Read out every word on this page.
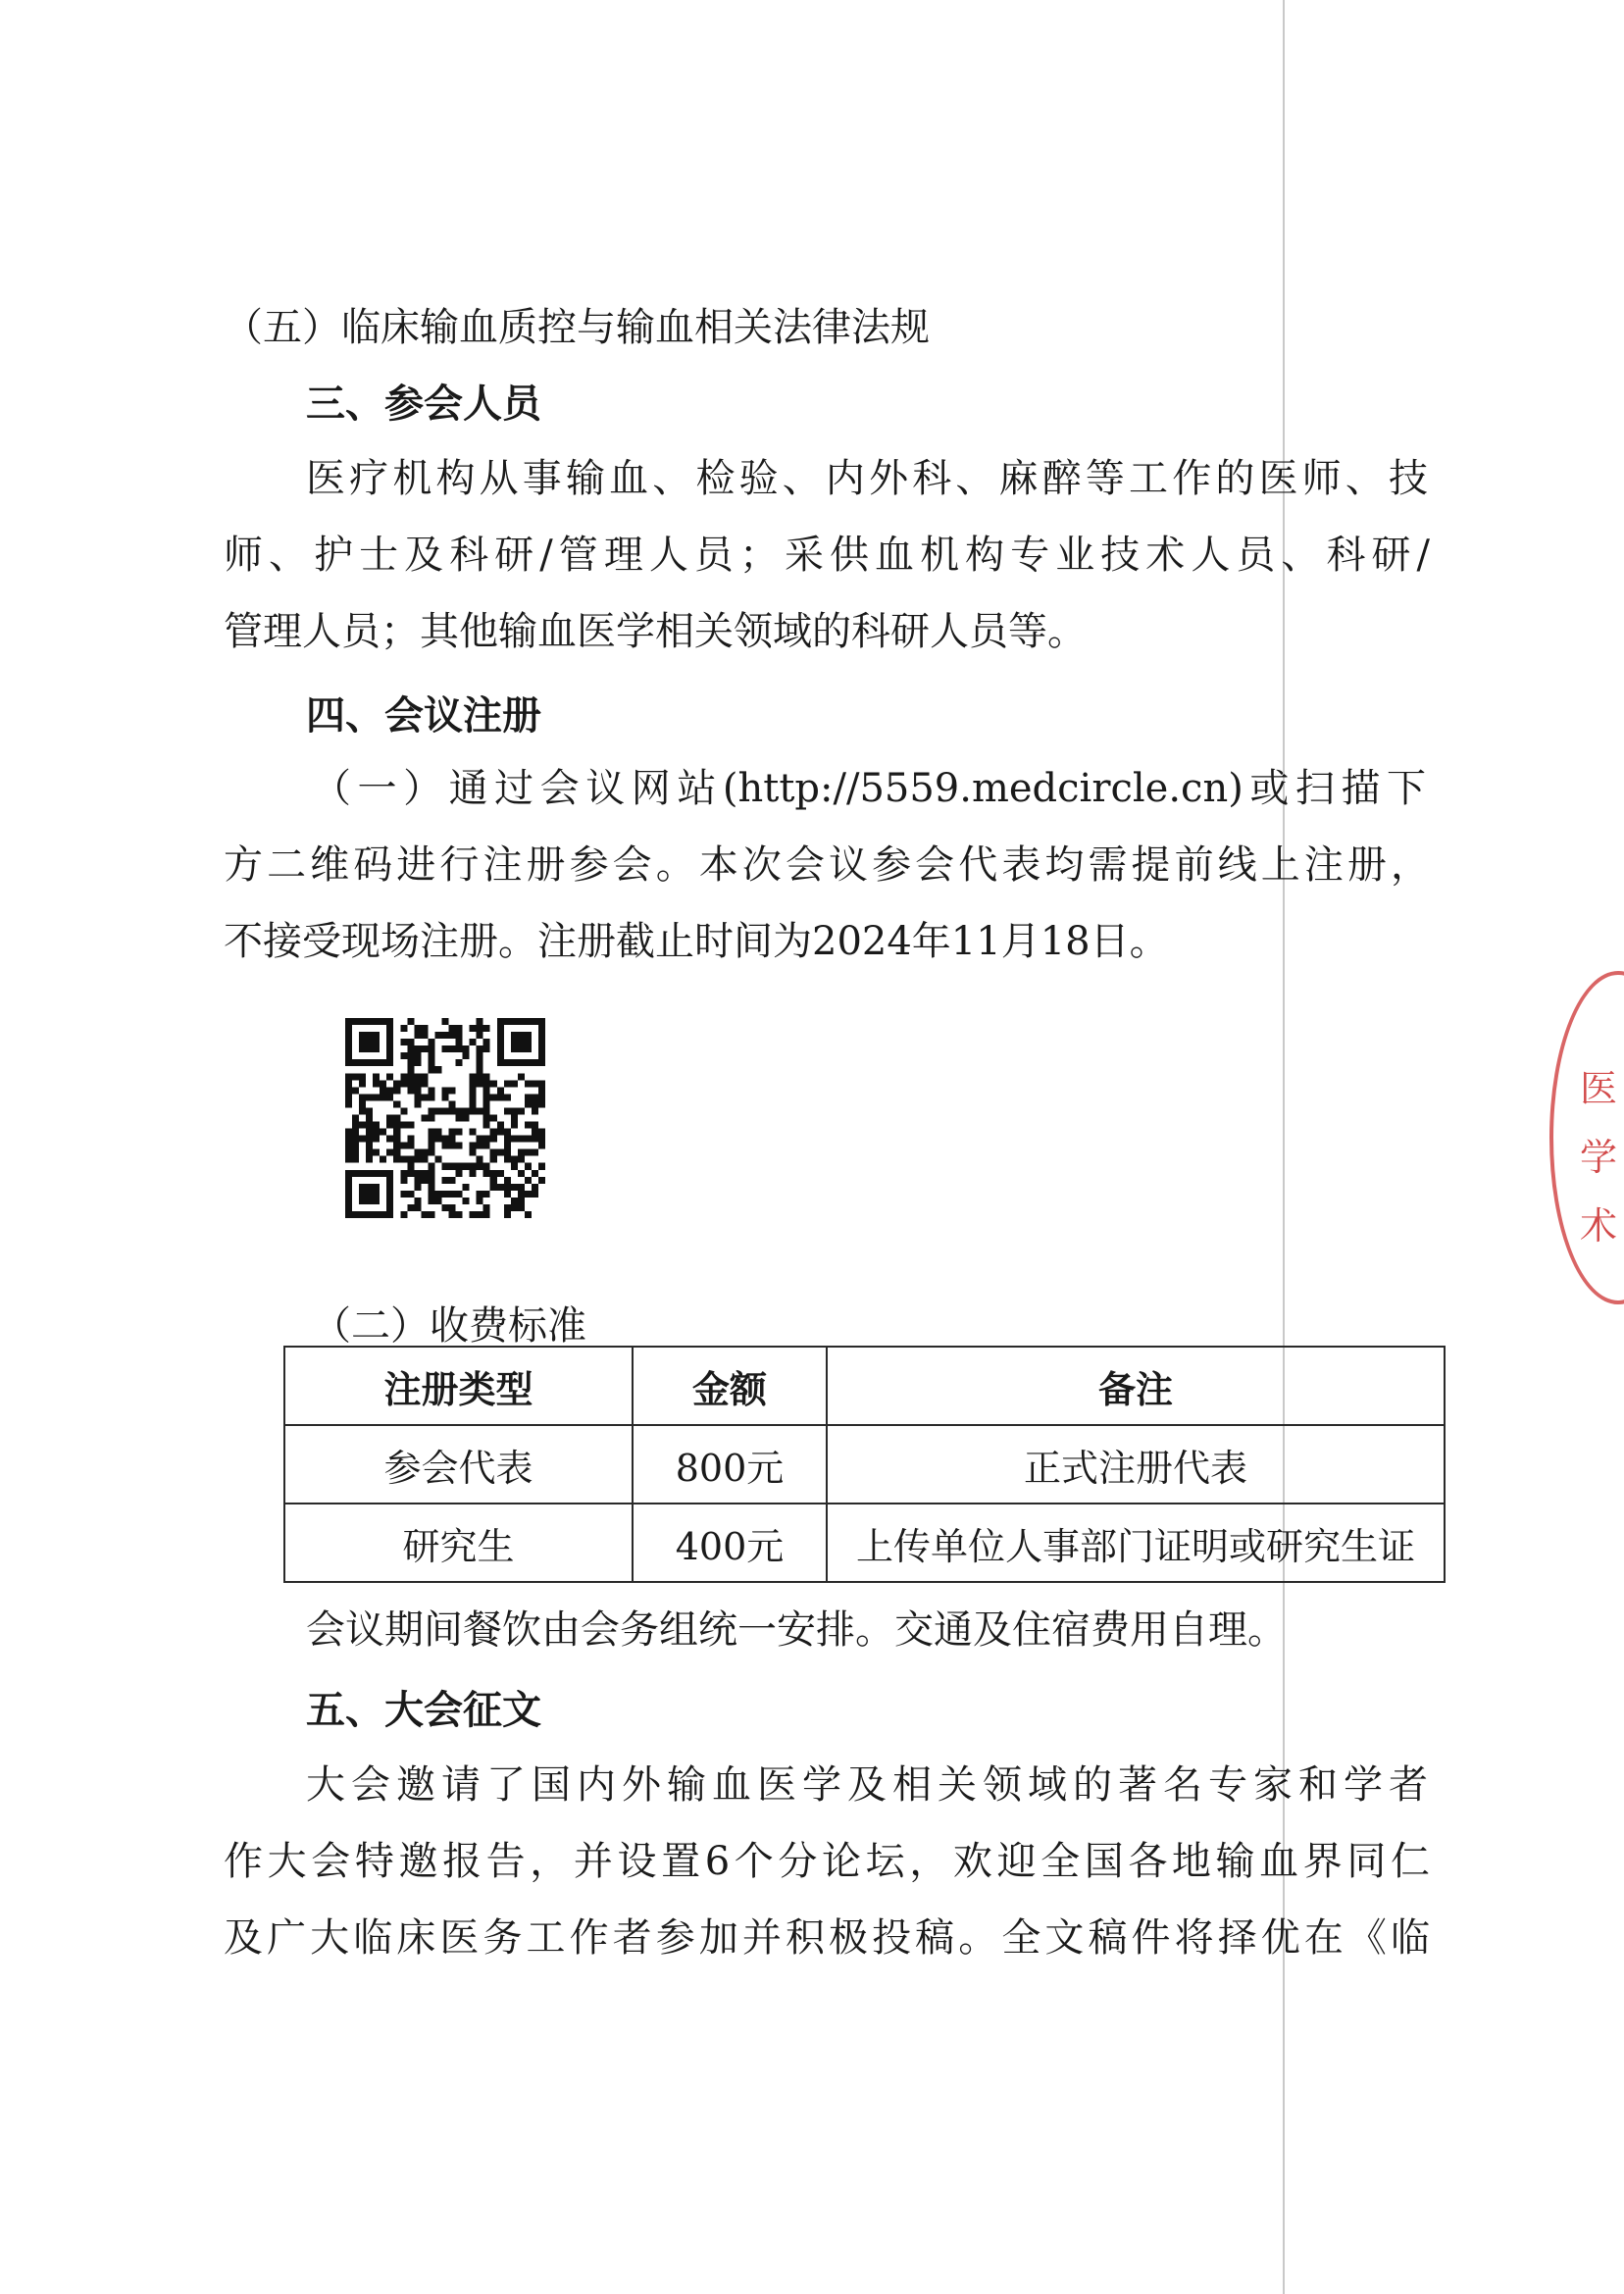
（五）临床输血质控与输血相关法律法规
三、参会人员
医疗机构从事输血、检验、内外科、麻醉等工作的医师、技
师、护士及科研/管理人员；采供血机构专业技术人员、科研/
管理人员；其他输血医学相关领域的科研人员等。
四、会议注册
（一）通过会议网站(http://5559.medcircle.cn)或扫描下
方二维码进行注册参会。本次会议参会代表均需提前线上注册，
不接受现场注册。注册截止时间为2024年11月18日。
（二）收费标准
注册类型	金额	备注
参会代表	800元	正式注册代表
研究生	400元	上传单位人事部门证明或研究生证
会议期间餐饮由会务组统一安排。交通及住宿费用自理。
五、大会征文
大会邀请了国内外输血医学及相关领域的著名专家和学者
作大会特邀报告，并设置6个分论坛，欢迎全国各地输血界同仁
及广大临床医务工作者参加并积极投稿。全文稿件将择优在《临
医 学 术
